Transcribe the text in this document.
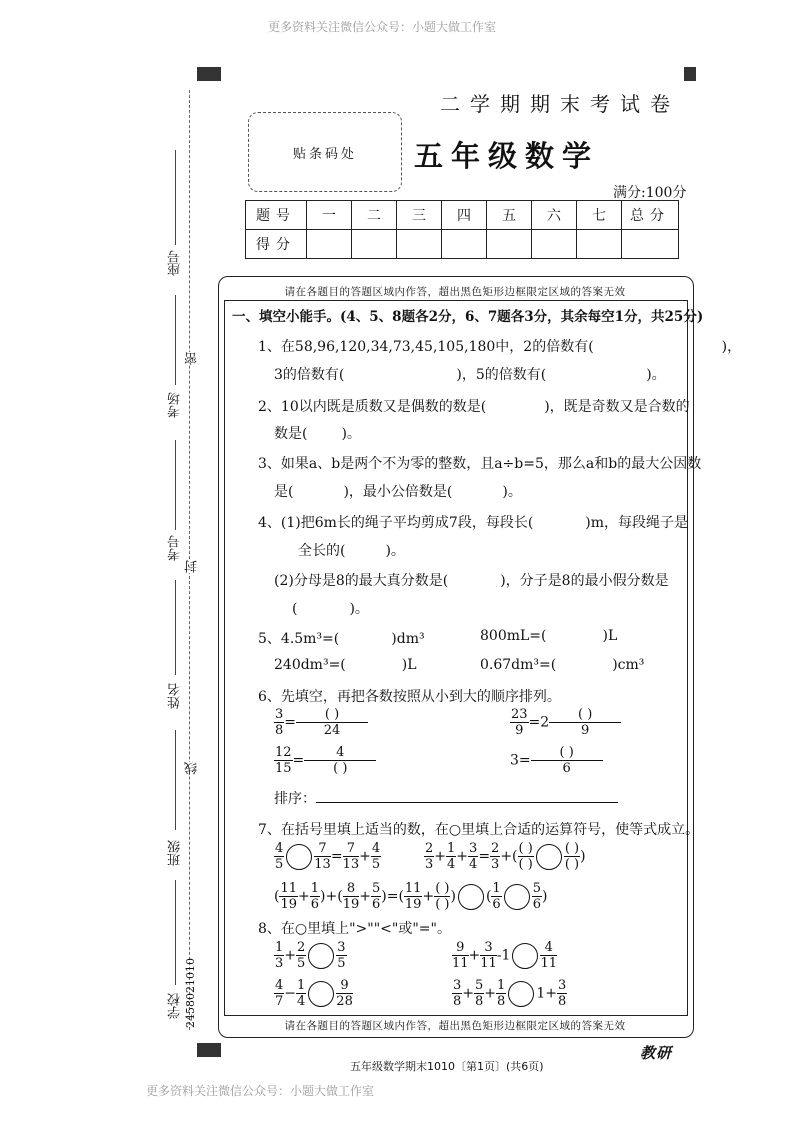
更多资料关注微信公众号：小题大做工作室
更多资料关注微信公众号：小题大做工作室
座号
考场
考号
姓名
班级
学校 2458021010
密
封
线
二学期期末考试卷
贴条码处 五年级数学
满分:100分
题号	一	二	三	四	五	六	七	总分
得分								
请在各题目的答题区域内作答，超出黑色矩形边框限定区域的答案无效
请在各题目的答题区域内作答，超出黑色矩形边框限定区域的答案无效
一、填空小能手。(4、5、8题各2分，6、7题各3分，其余每空1分，共25分)
1、在58,96,120,34,73,45,105,180中，2的倍数有(	)，
3的倍数有(	)，5的倍数有(	)。
2、10以内既是质数又是偶数的数是(	)，既是奇数又是合数的
数是( )。
3、如果a、b是两个不为零的整数，且a÷b=5，那么a和b的最大公因数
是(	)，最小公倍数是(	)。
4、(1)把6m长的绳子平均剪成7段，每段长(	)m，每段绳子是
全长的(	)。
(2)分母是8的最大真分数是(	)，分子是8的最小假分数是
(	)。
5、4.5m³=(	)dm³	800mL=(	)L
240dm³=(	)L	0.67dm³=(	)cm³
6、先填空，再把各数按照从小到大的顺序排列。
$\frac{3}{8} = \frac{( )}{24}$	$\frac{23}{9} =2 \frac{( )}{9}$
$\frac{12}{15} = \frac{4}{( )}$	$3= \frac{( )}{6}$
排序：
7、在括号里填上适当的数，在○里填上合适的运算符号，使等式成立。
$\frac{4}{5} \frac{7}{13} = \frac{7}{13} + \frac{4}{5}$	$\frac{2}{3} + \frac{1}{4} + \frac{3}{4} = \frac{2}{3}$ +( $\frac{( )}{( )} \frac{( )}{( )}$ )
( $\frac{11}{19} + \frac{1}{6}$ )+( $\frac{8}{19} + \frac{5}{6}$ )=( $\frac{11}{19} + \frac{( )}{( )}$ ) ( $\frac{1}{6} \frac{5}{6}$ )
8、在○里填上">""<"或"="。
$\frac{1}{3} + \frac{2}{5} \frac{3}{5}$	$\frac{9}{11} + \frac{3}{11} -1 \frac{4}{11}$
$\frac{4}{7} - \frac{1}{4} \frac{9}{28}$	$\frac{3}{8} + \frac{5}{8} + \frac{1}{8} 1+ \frac{3}{8}$
五年级数学期末1010〔第1页〕(共6页)
教研
